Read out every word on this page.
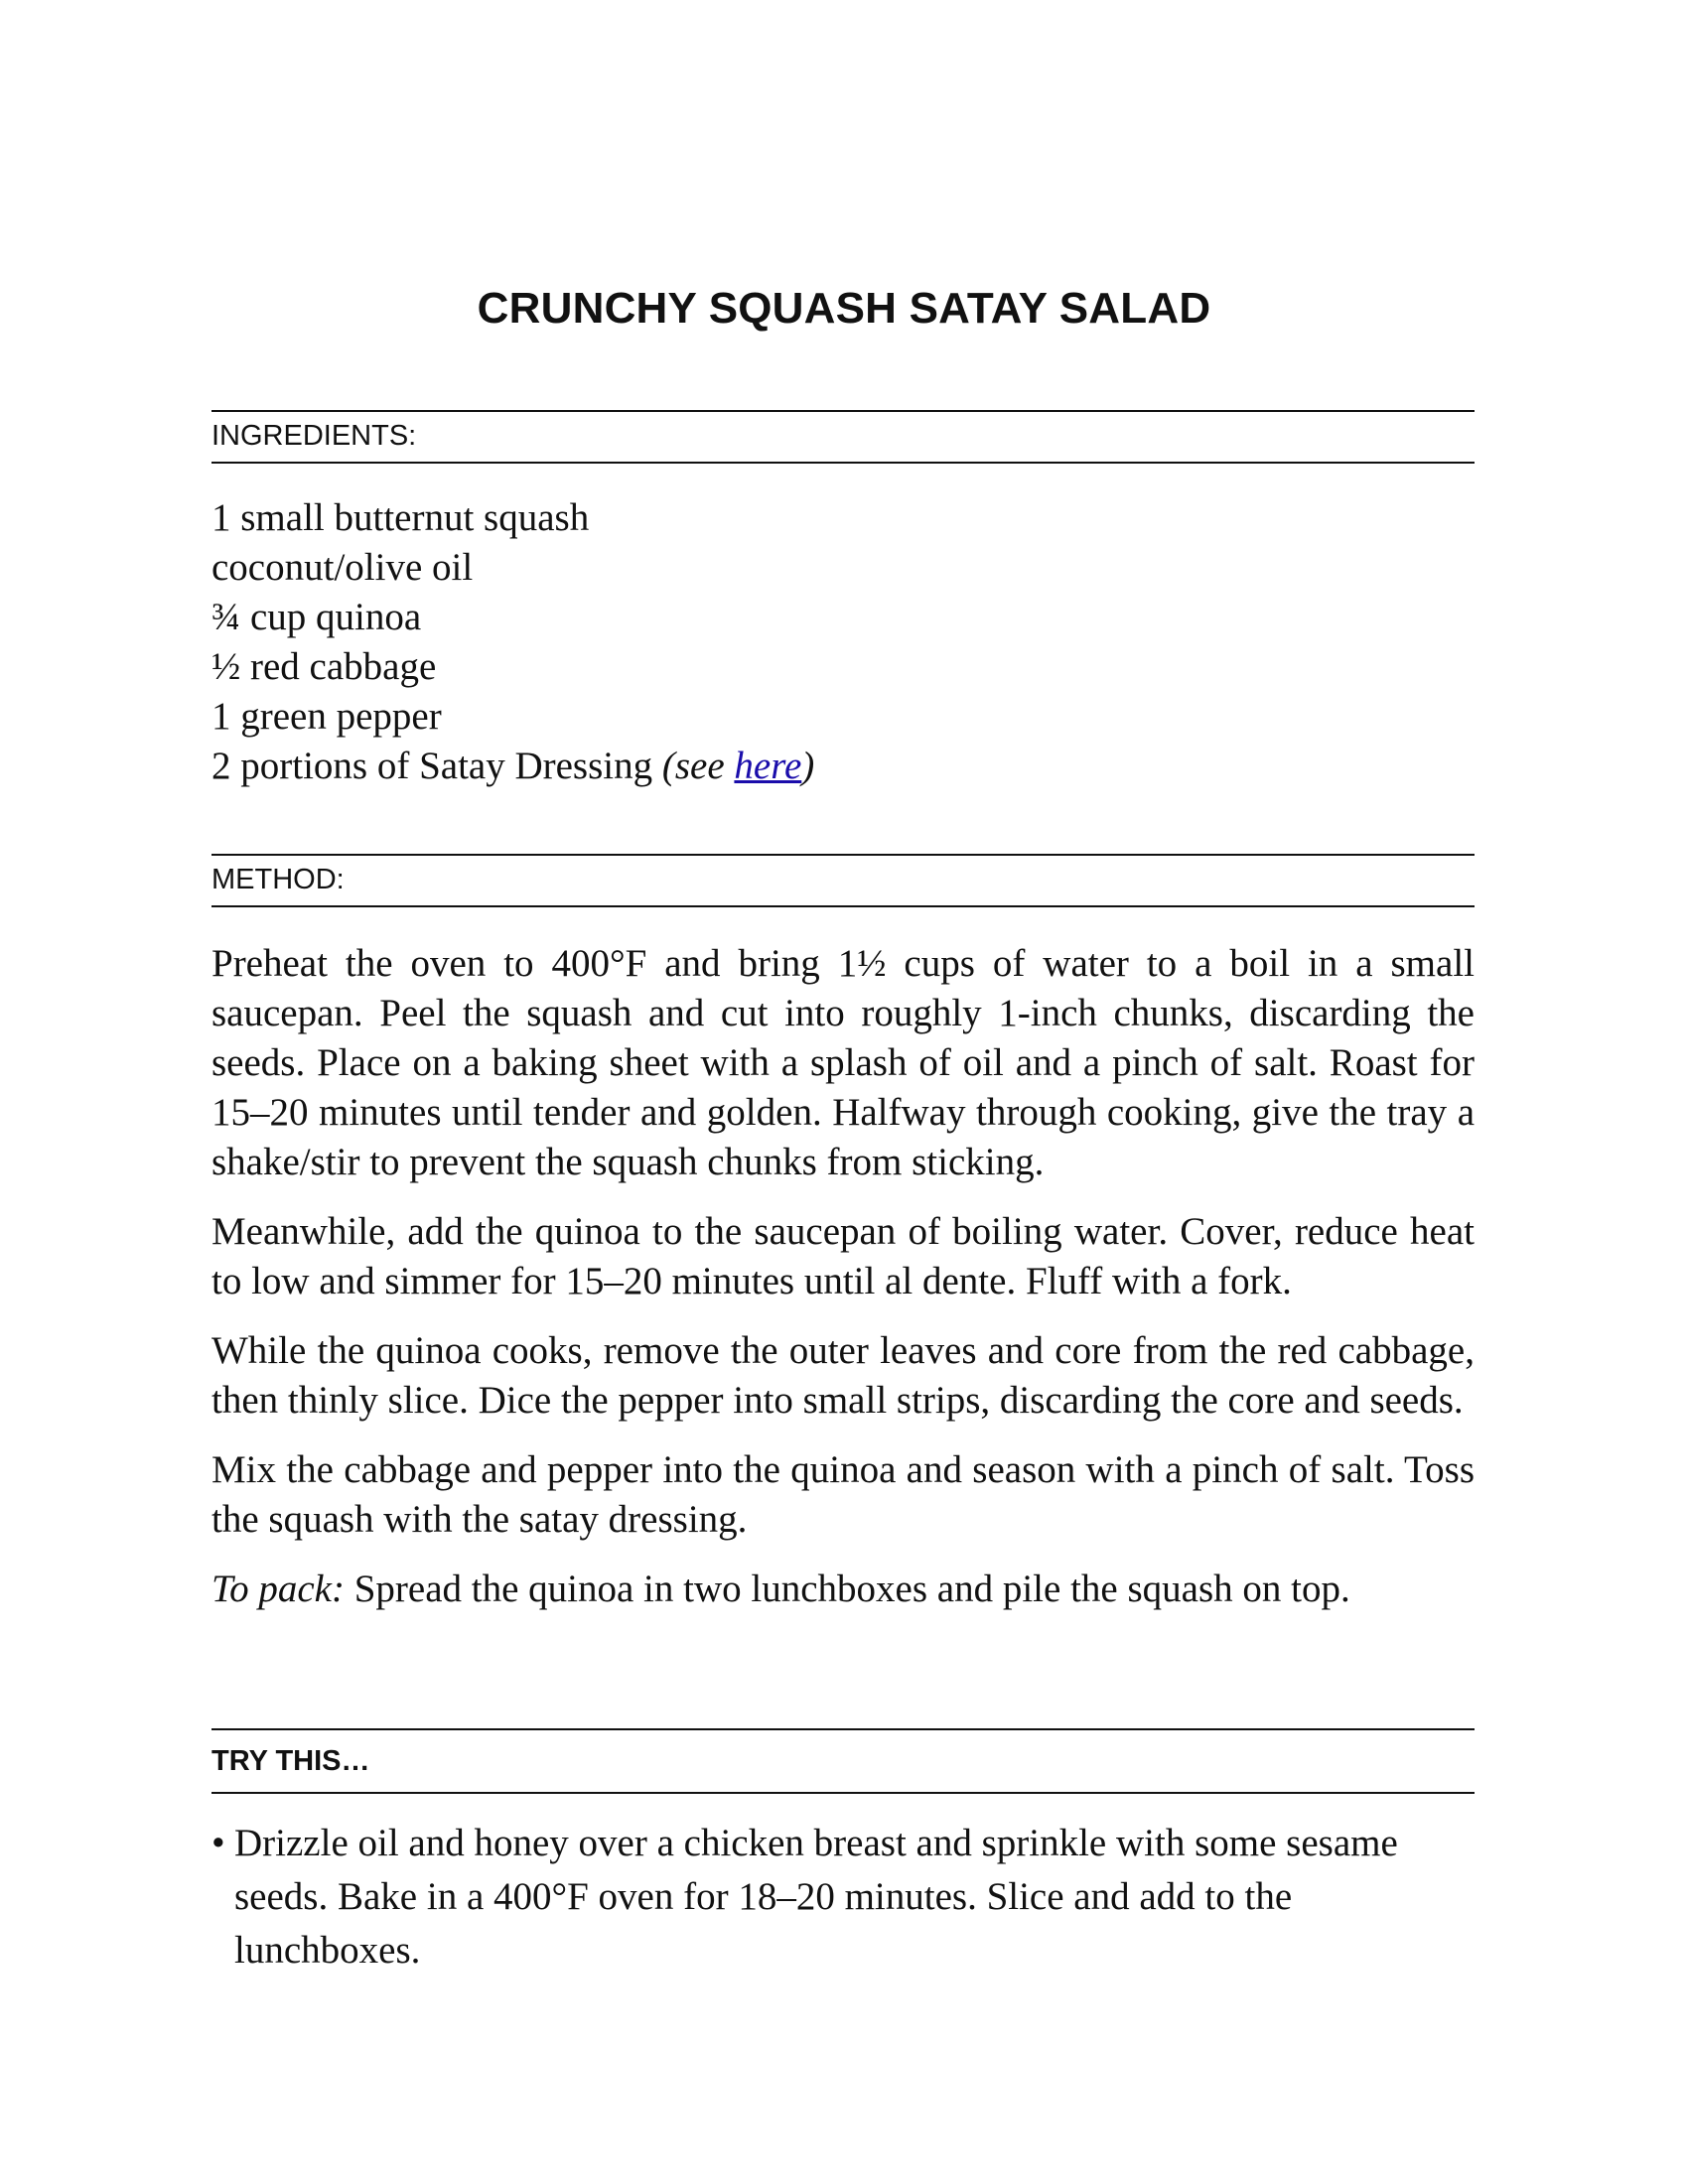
CRUNCHY SQUASH SATAY SALAD

INGREDIENTS:

1 small butternut squash
coconut/olive oil
¾ cup quinoa
½ red cabbage
1 green pepper
2 portions of Satay Dressing (see here)

METHOD:

Preheat the oven to 400°F and bring 1½ cups of water to a boil in a small saucepan. Peel the squash and cut into roughly 1-inch chunks, discarding the seeds. Place on a baking sheet with a splash of oil and a pinch of salt. Roast for 15–20 minutes until tender and golden. Halfway through cooking, give the tray a shake/stir to prevent the squash chunks from sticking.

Meanwhile, add the quinoa to the saucepan of boiling water. Cover, reduce heat to low and simmer for 15–20 minutes until al dente. Fluff with a fork.

While the quinoa cooks, remove the outer leaves and core from the red cabbage, then thinly slice. Dice the pepper into small strips, discarding the core and seeds.

Mix the cabbage and pepper into the quinoa and season with a pinch of salt. Toss the squash with the satay dressing.

To pack: Spread the quinoa in two lunchboxes and pile the squash on top.

TRY THIS…

• Drizzle oil and honey over a chicken breast and sprinkle with some sesame seeds. Bake in a 400°F oven for 18–20 minutes. Slice and add to the lunchboxes.
